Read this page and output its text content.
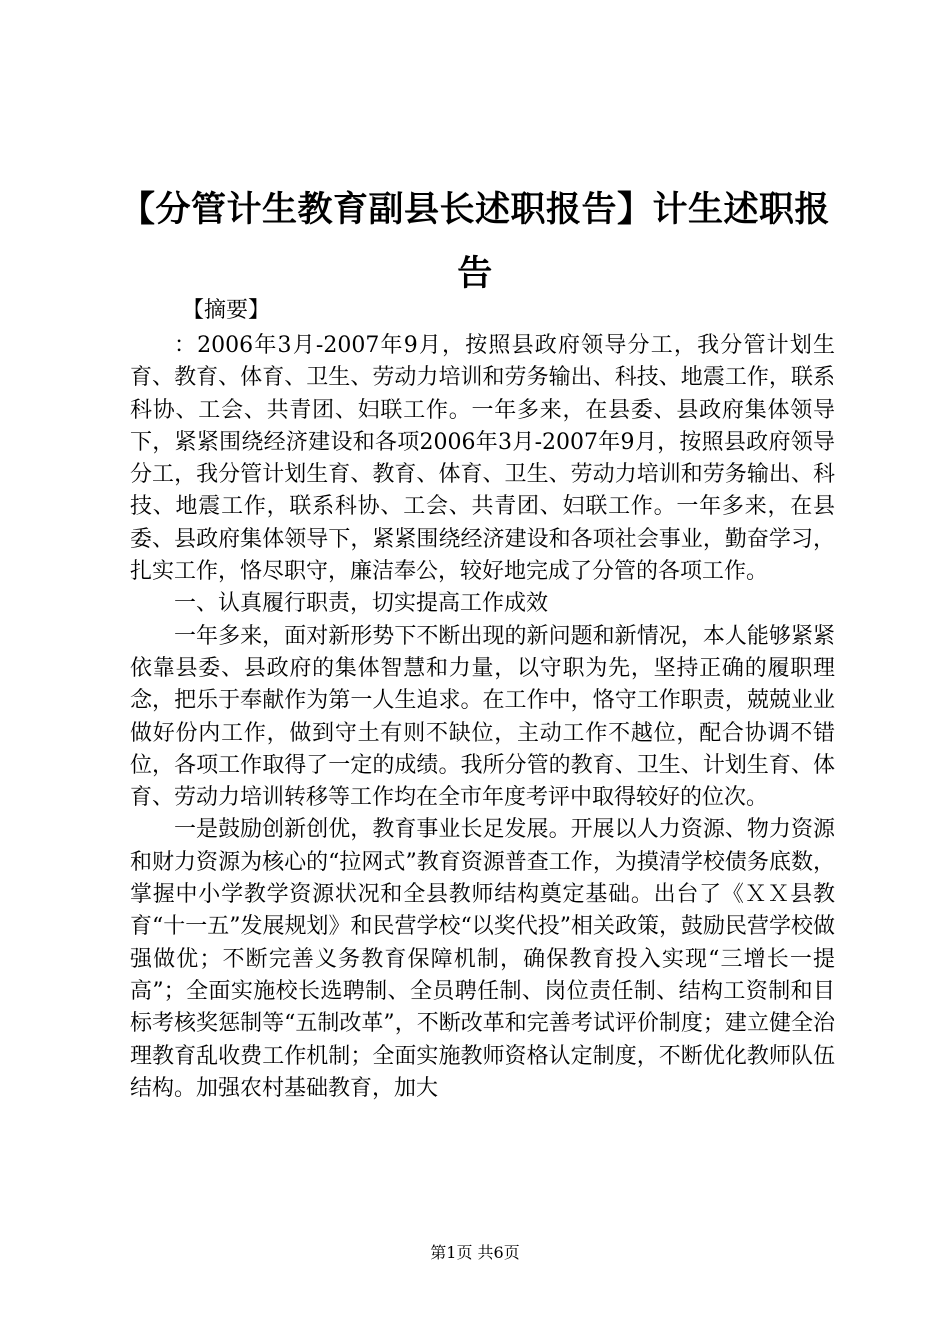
【分管计生教育副县长述职报告】计生述职报告
【摘要】

：2006年3月-2007年9月，按照县政府领导分工，我分管计划生育、教育、体育、卫生、劳动力培训和劳务输出、科技、地震工作，联系科协、工会、共青团、妇联工作。一年多来，在县委、县政府集体领导下，紧紧围绕经济建设和各项2006年3月-2007年9月，按照县政府领导分工，我分管计划生育、教育、体育、卫生、劳动力培训和劳务输出、科技、地震工作，联系科协、工会、共青团、妇联工作。一年多来，在县委、县政府集体领导下，紧紧围绕经济建设和各项社会事业，勤奋学习，扎实工作，恪尽职守，廉洁奉公，较好地完成了分管的各项工作。

一、认真履行职责，切实提高工作成效

一年多来，面对新形势下不断出现的新问题和新情况，本人能够紧紧依靠县委、县政府的集体智慧和力量，以守职为先，坚持正确的履职理念，把乐于奉献作为第一人生追求。在工作中，恪守工作职责，兢兢业业做好份内工作，做到守土有则不缺位，主动工作不越位，配合协调不错位，各项工作取得了一定的成绩。我所分管的教育、卫生、计划生育、体育、劳动力培训转移等工作均在全市年度考评中取得较好的位次。

一是鼓励创新创优，教育事业长足发展。开展以人力资源、物力资源和财力资源为核心的“拉网式”教育资源普查工作，为摸清学校债务底数，掌握中小学教学资源状况和全县教师结构奠定基础。出台了《ＸＸ县教育“十一五”发展规划》和民营学校“以奖代投”相关政策，鼓励民营学校做强做优；不断完善义务教育保障机制，确保教育投入实现“三增长一提高”；全面实施校长选聘制、全员聘任制、岗位责任制、结构工资制和目标考核奖惩制等“五制改革”，不断改革和完善考试评价制度；建立健全治理教育乱收费工作机制；全面实施教师资格认定制度，不断优化教师队伍结构。加强农村基础教育，加大

第1页 共6页
